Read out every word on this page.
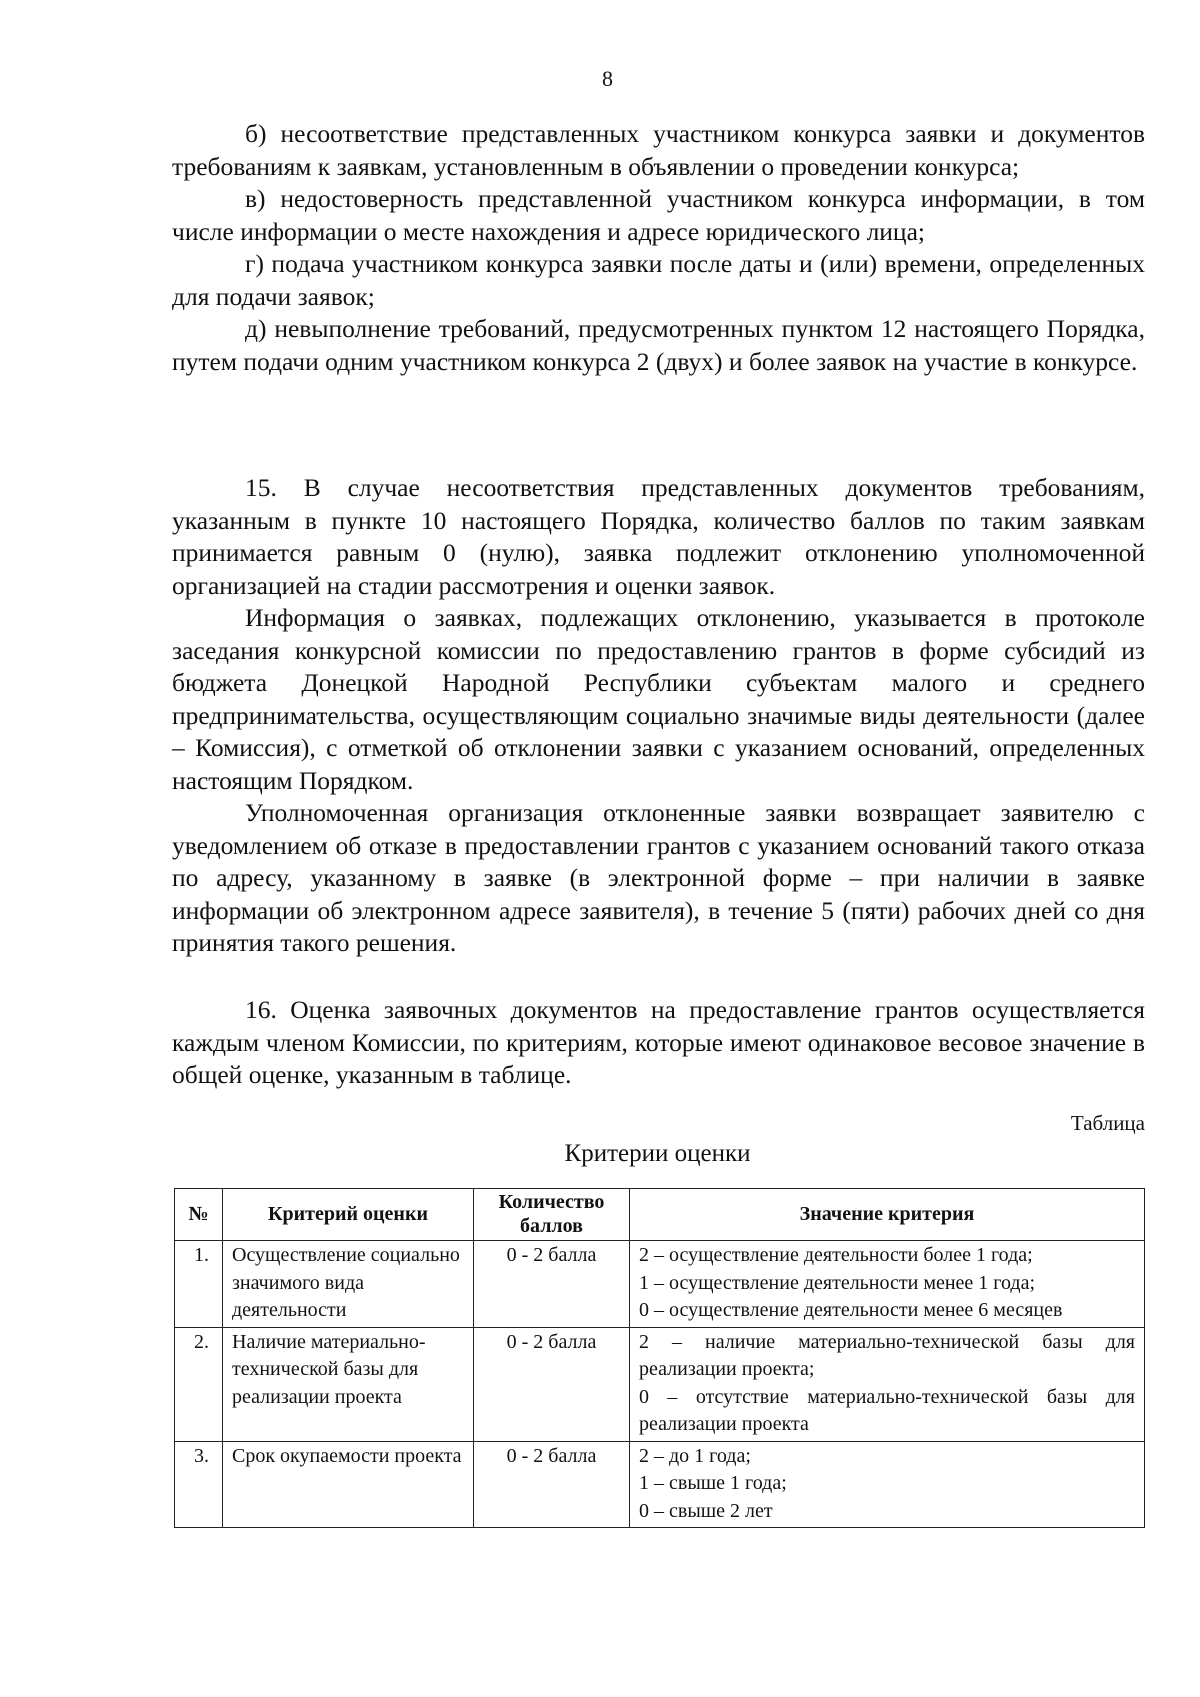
8

б) несоответствие представленных участником конкурса заявки и документов требованиям к заявкам, установленным в объявлении о проведении конкурса;

в) недостоверность представленной участником конкурса информации, в том числе информации о месте нахождения и адресе юридического лица;

г) подача участником конкурса заявки после даты и (или) времени, определенных для подачи заявок;

д) невыполнение требований, предусмотренных пунктом 12 настоящего Порядка, путем подачи одним участником конкурса 2 (двух) и более заявок на участие в конкурсе.

15. В случае несоответствия представленных документов требованиям, указанным в пункте 10 настоящего Порядка, количество баллов по таким заявкам принимается равным 0 (нулю), заявка подлежит отклонению уполномоченной организацией на стадии рассмотрения и оценки заявок.

Информация о заявках, подлежащих отклонению, указывается в протоколе заседания конкурсной комиссии по предоставлению грантов в форме субсидий из бюджета Донецкой Народной Республики субъектам малого и среднего предпринимательства, осуществляющим социально значимые виды деятельности (далее – Комиссия), с отметкой об отклонении заявки с указанием оснований, определенных настоящим Порядком.

Уполномоченная организация отклоненные заявки возвращает заявителю с уведомлением об отказе в предоставлении грантов с указанием оснований такого отказа по адресу, указанному в заявке (в электронной форме – при наличии в заявке информации об электронном адресе заявителя), в течение 5 (пяти) рабочих дней со дня принятия такого решения.

16. Оценка заявочных документов на предоставление грантов осуществляется каждым членом Комиссии, по критериям, которые имеют одинаковое весовое значение в общей оценке, указанным в таблице.

Таблица
Критерии оценки
№	Критерий оценки	Количество баллов	Значение критерия
1.	Осуществление социально значимого вида деятельности	0 - 2 балла	2 – осуществление деятельности более 1 года;
1 – осуществление деятельности менее 1 года;
0 – осуществление деятельности менее 6 месяцев

2.	Наличие материально-технической базы для реализации проекта	0 - 2 балла	2 – наличие материально-технической базы для реализации проекта;
0 – отсутствие материально-технической базы для реализации проекта

3.	Срок окупаемости проекта	0 - 2 балла	2 – до 1 года;
1 – свыше 1 года;
0 – свыше 2 лет
